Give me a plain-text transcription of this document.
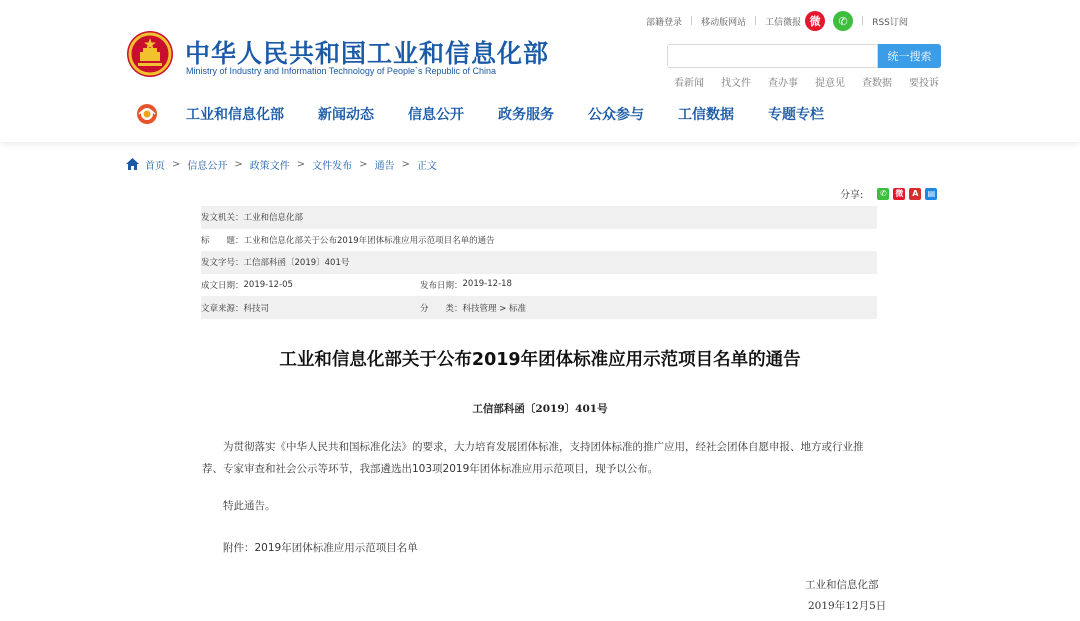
中华人民共和国工业和信息化部
Ministry of Industry and Information Technology of People`s Republic of China
部籍登录 | 移动版网站 | 工信微报 微	✆	| RSS订阅
统一搜索
看新闻 找文件 查办事 提意见 查数据 要投诉
工业和信息化部 新闻动态 信息公开 政务服务 公众参与 工信数据 专题专栏
首页 > 信息公开 > 政策文件 > 文件发布 > 通告 > 正文
分享:	✆	微	A	▤
发文机关： 工业和信息化部
标　　题： 工业和信息化部关于公布2019年团体标准应用示范项目名单的通告
发文字号： 工信部科函〔2019〕401号
成文日期： 2019-12-05	发布日期： 2019-12-18
文章来源： 科技司	分　　类： 科技管理 > 标准
工业和信息化部关于公布2019年团体标准应用示范项目名单的通告
工信部科函〔2019〕401号
为贯彻落实《中华人民共和国标准化法》的要求，大力培育发展团体标准，支持团体标准的推广应用，经社会团体自愿申报、地方或行业推
荐、专家审查和社会公示等环节，我部遴选出103项2019年团体标准应用示范项目，现予以公布。
特此通告。
附件：2019年团体标准应用示范项目名单
工业和信息化部
2019年12月5日
